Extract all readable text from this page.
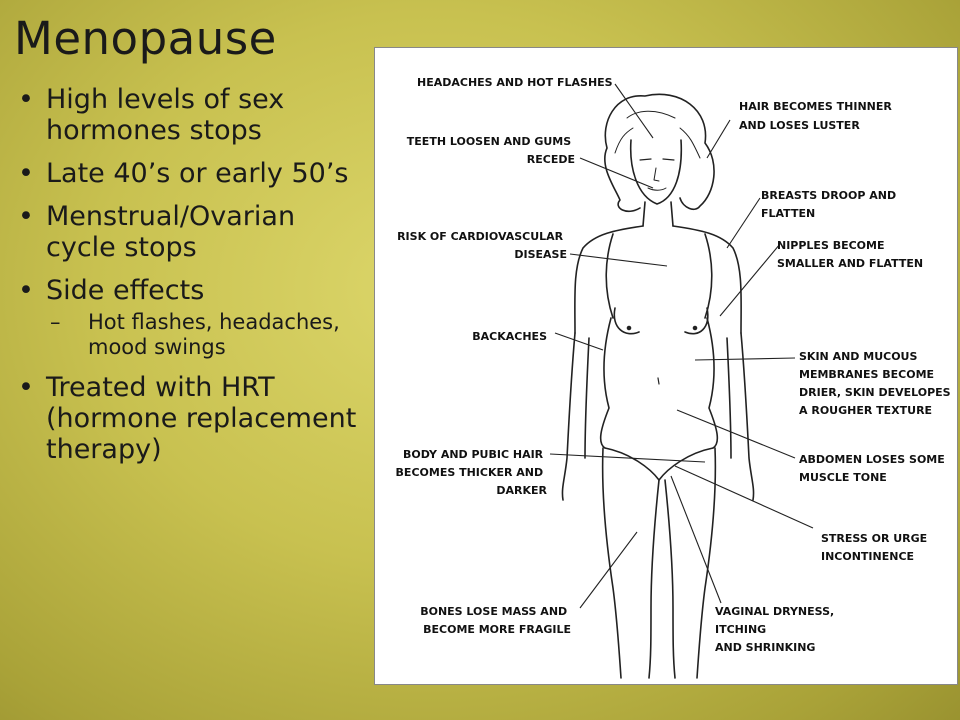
Menopause
• High levels of sex hormones stops
• Late 40’s or early 50’s
• Menstrual/Ovarian cycle stops
• Side effects
– Hot flashes, headaches, mood swings
• Treated with HRT (hormone replacement therapy)
HEADACHES AND HOT FLASHES
HAIR BECOMES THINNER AND LOSES LUSTER
TEETH LOOSEN AND GUMS RECEDE
BREASTS DROOP AND FLATTEN
RISK OF CARDIOVASCULAR DISEASE
NIPPLES BECOME SMALLER AND FLATTEN
BACKACHES
SKIN AND MUCOUS MEMBRANES BECOME DRIER, SKIN DEVELOPES A ROUGHER TEXTURE
BODY AND PUBIC HAIR BECOMES THICKER AND DARKER
ABDOMEN LOSES SOME MUSCLE TONE
STRESS OR URGE INCONTINENCE
BONES LOSE MASS AND BECOME MORE FRAGILE
VAGINAL DRYNESS, ITCHING AND SHRINKING
